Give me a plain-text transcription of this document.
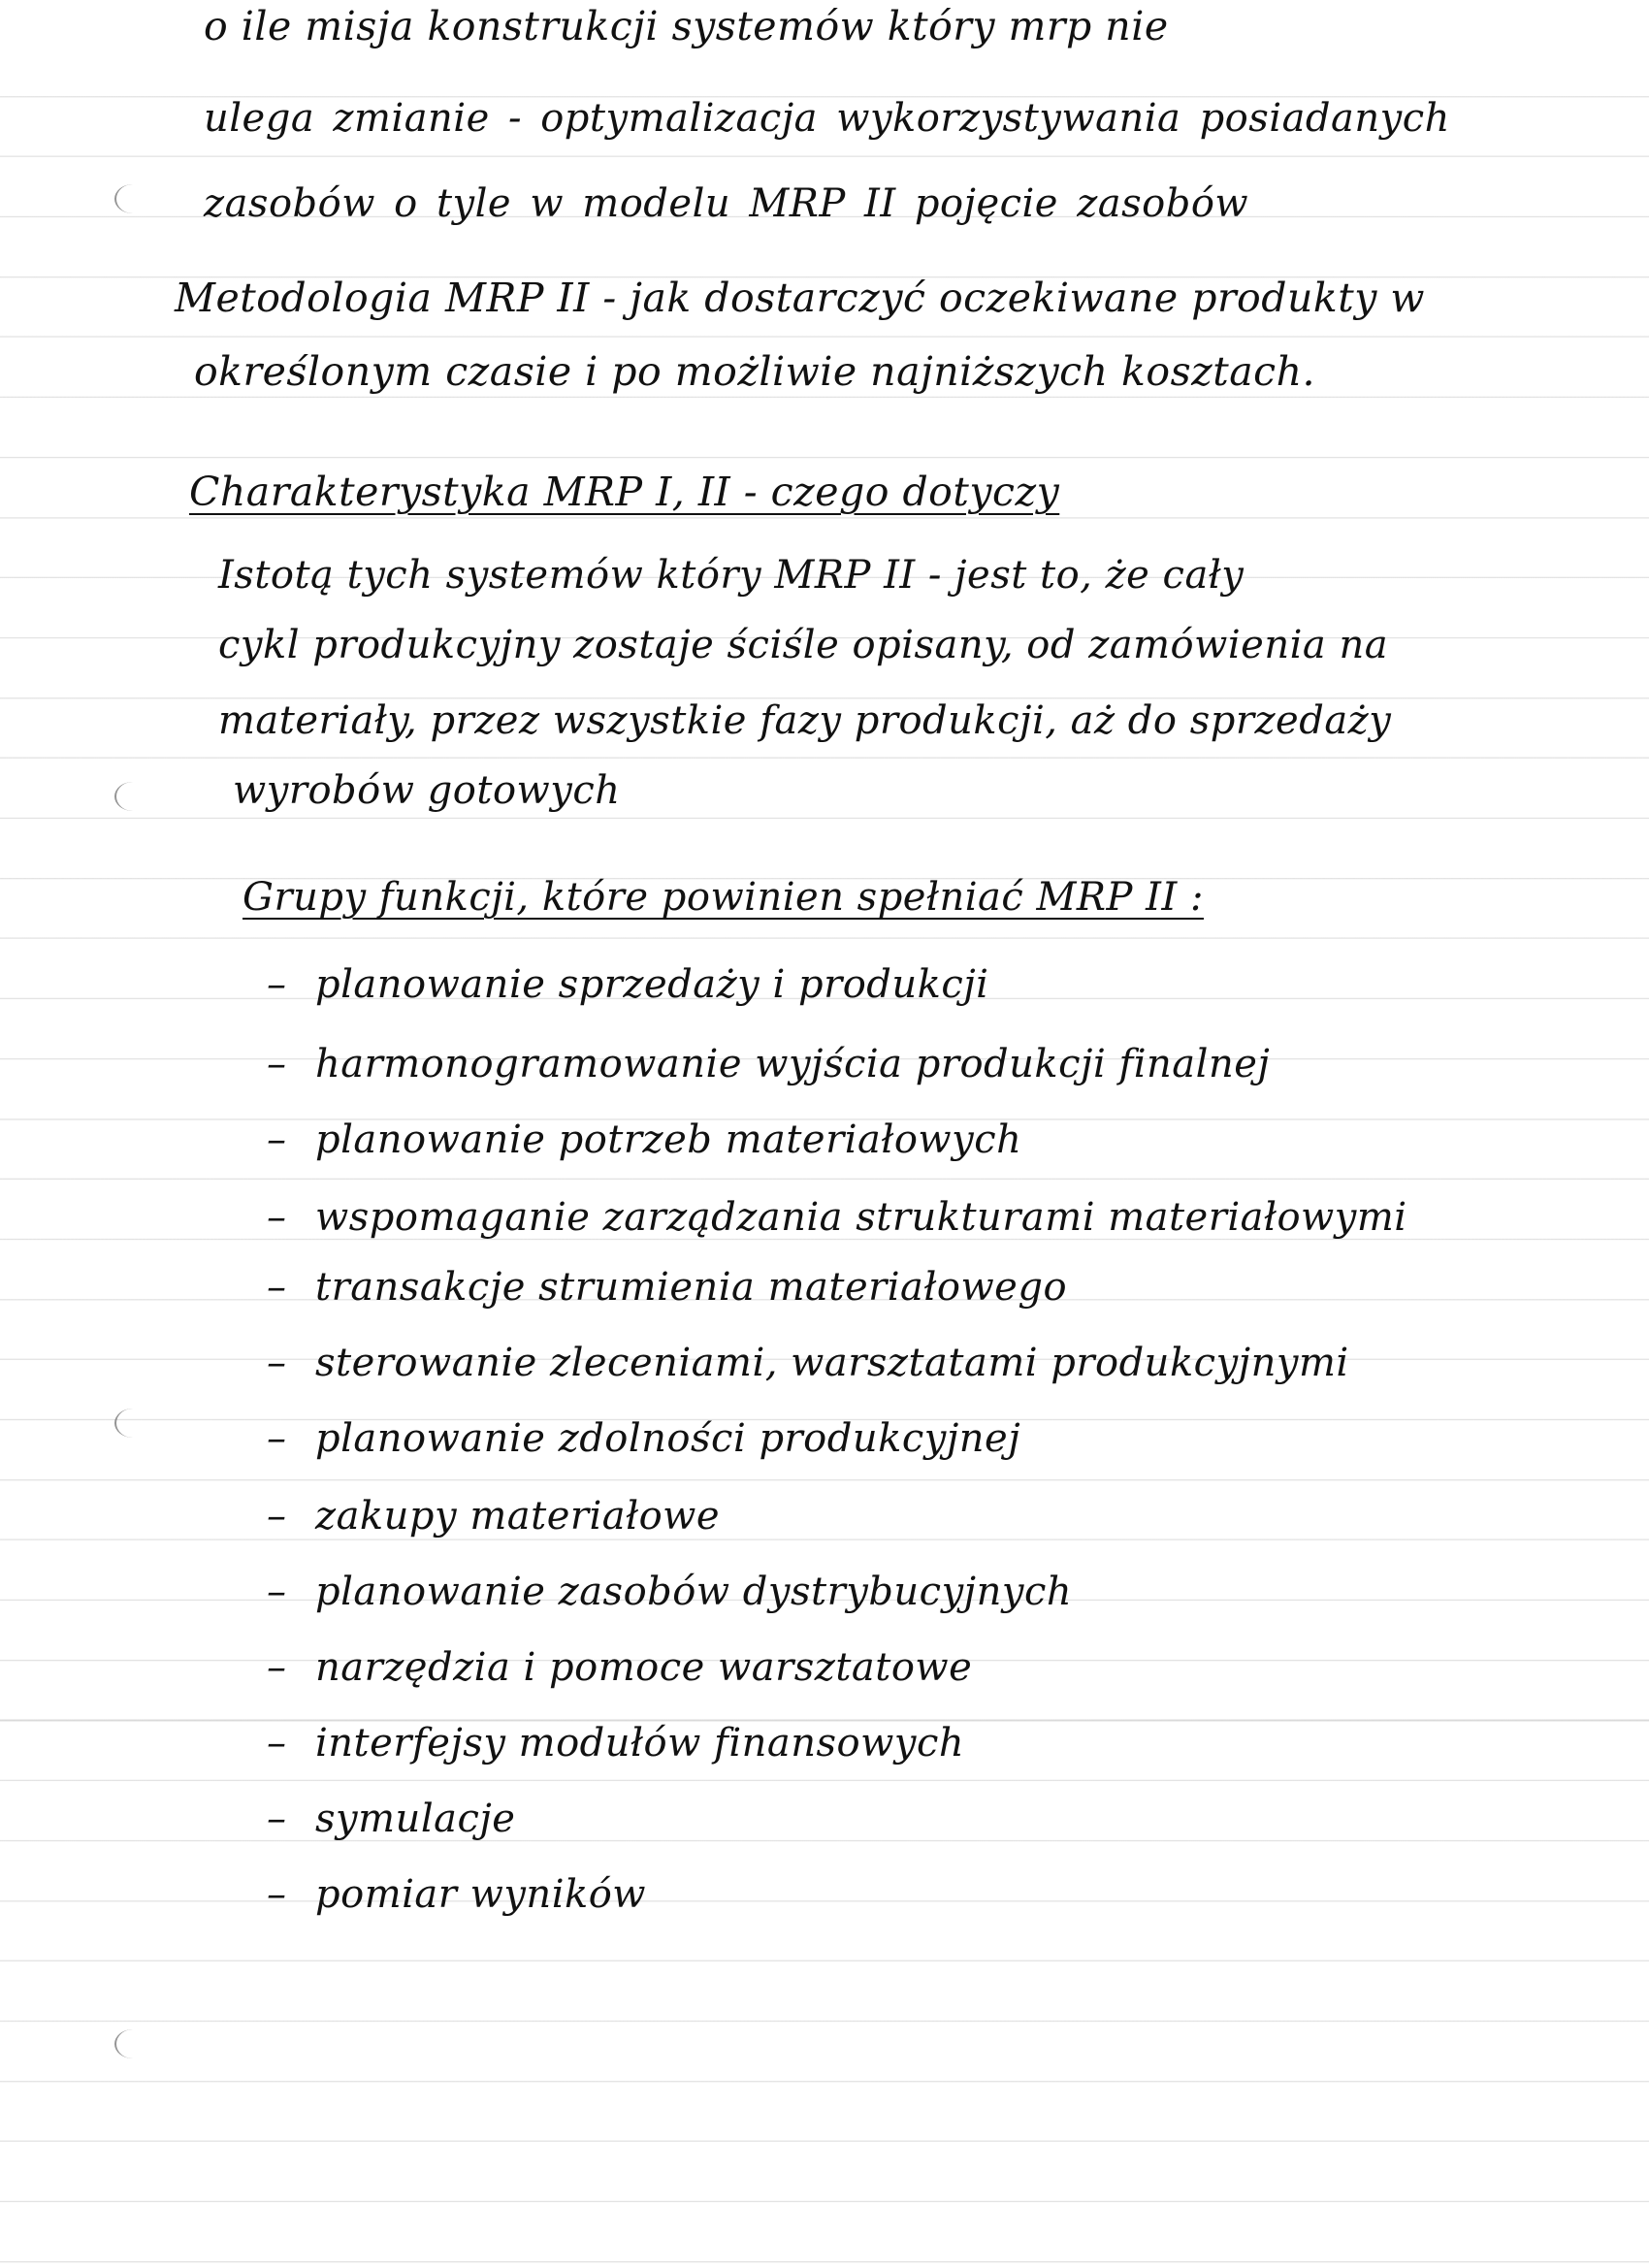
o ile misja konstrukcji systemów który mrp nie
ulega zmianie - optymalizacja wykorzystywania posiadanych zasobów o tyle w modelu MRP II pojęcie zasobów
Metodologia MRP II - jak dostarczyć oczekiwane produkty w
określonym czasie i po możliwie najniższych kosztach.
Charakterystyka MRP I, II - czego dotyczy
Istotą tych systemów który MRP II - jest to, że cały
cykl produkcyjny zostaje ściśle opisany, od zamówienia na
materiały, przez wszystkie fazy produkcji, aż do sprzedaży
wyrobów gotowych
Grupy funkcji, które powinien spełniać MRP II :
– planowanie sprzedaży i produkcji
– harmonogramowanie wyjścia produkcji finalnej
– planowanie potrzeb materiałowych
– wspomaganie zarządzania strukturami materiałowymi
– transakcje strumienia materiałowego
– sterowanie zleceniami, warsztatami produkcyjnymi
– planowanie zdolności produkcyjnej
– zakupy materiałowe
– planowanie zasobów dystrybucyjnych
– narzędzia i pomoce warsztatowe
– interfejsy modułów finansowych
– symulacje
– pomiar wyników
